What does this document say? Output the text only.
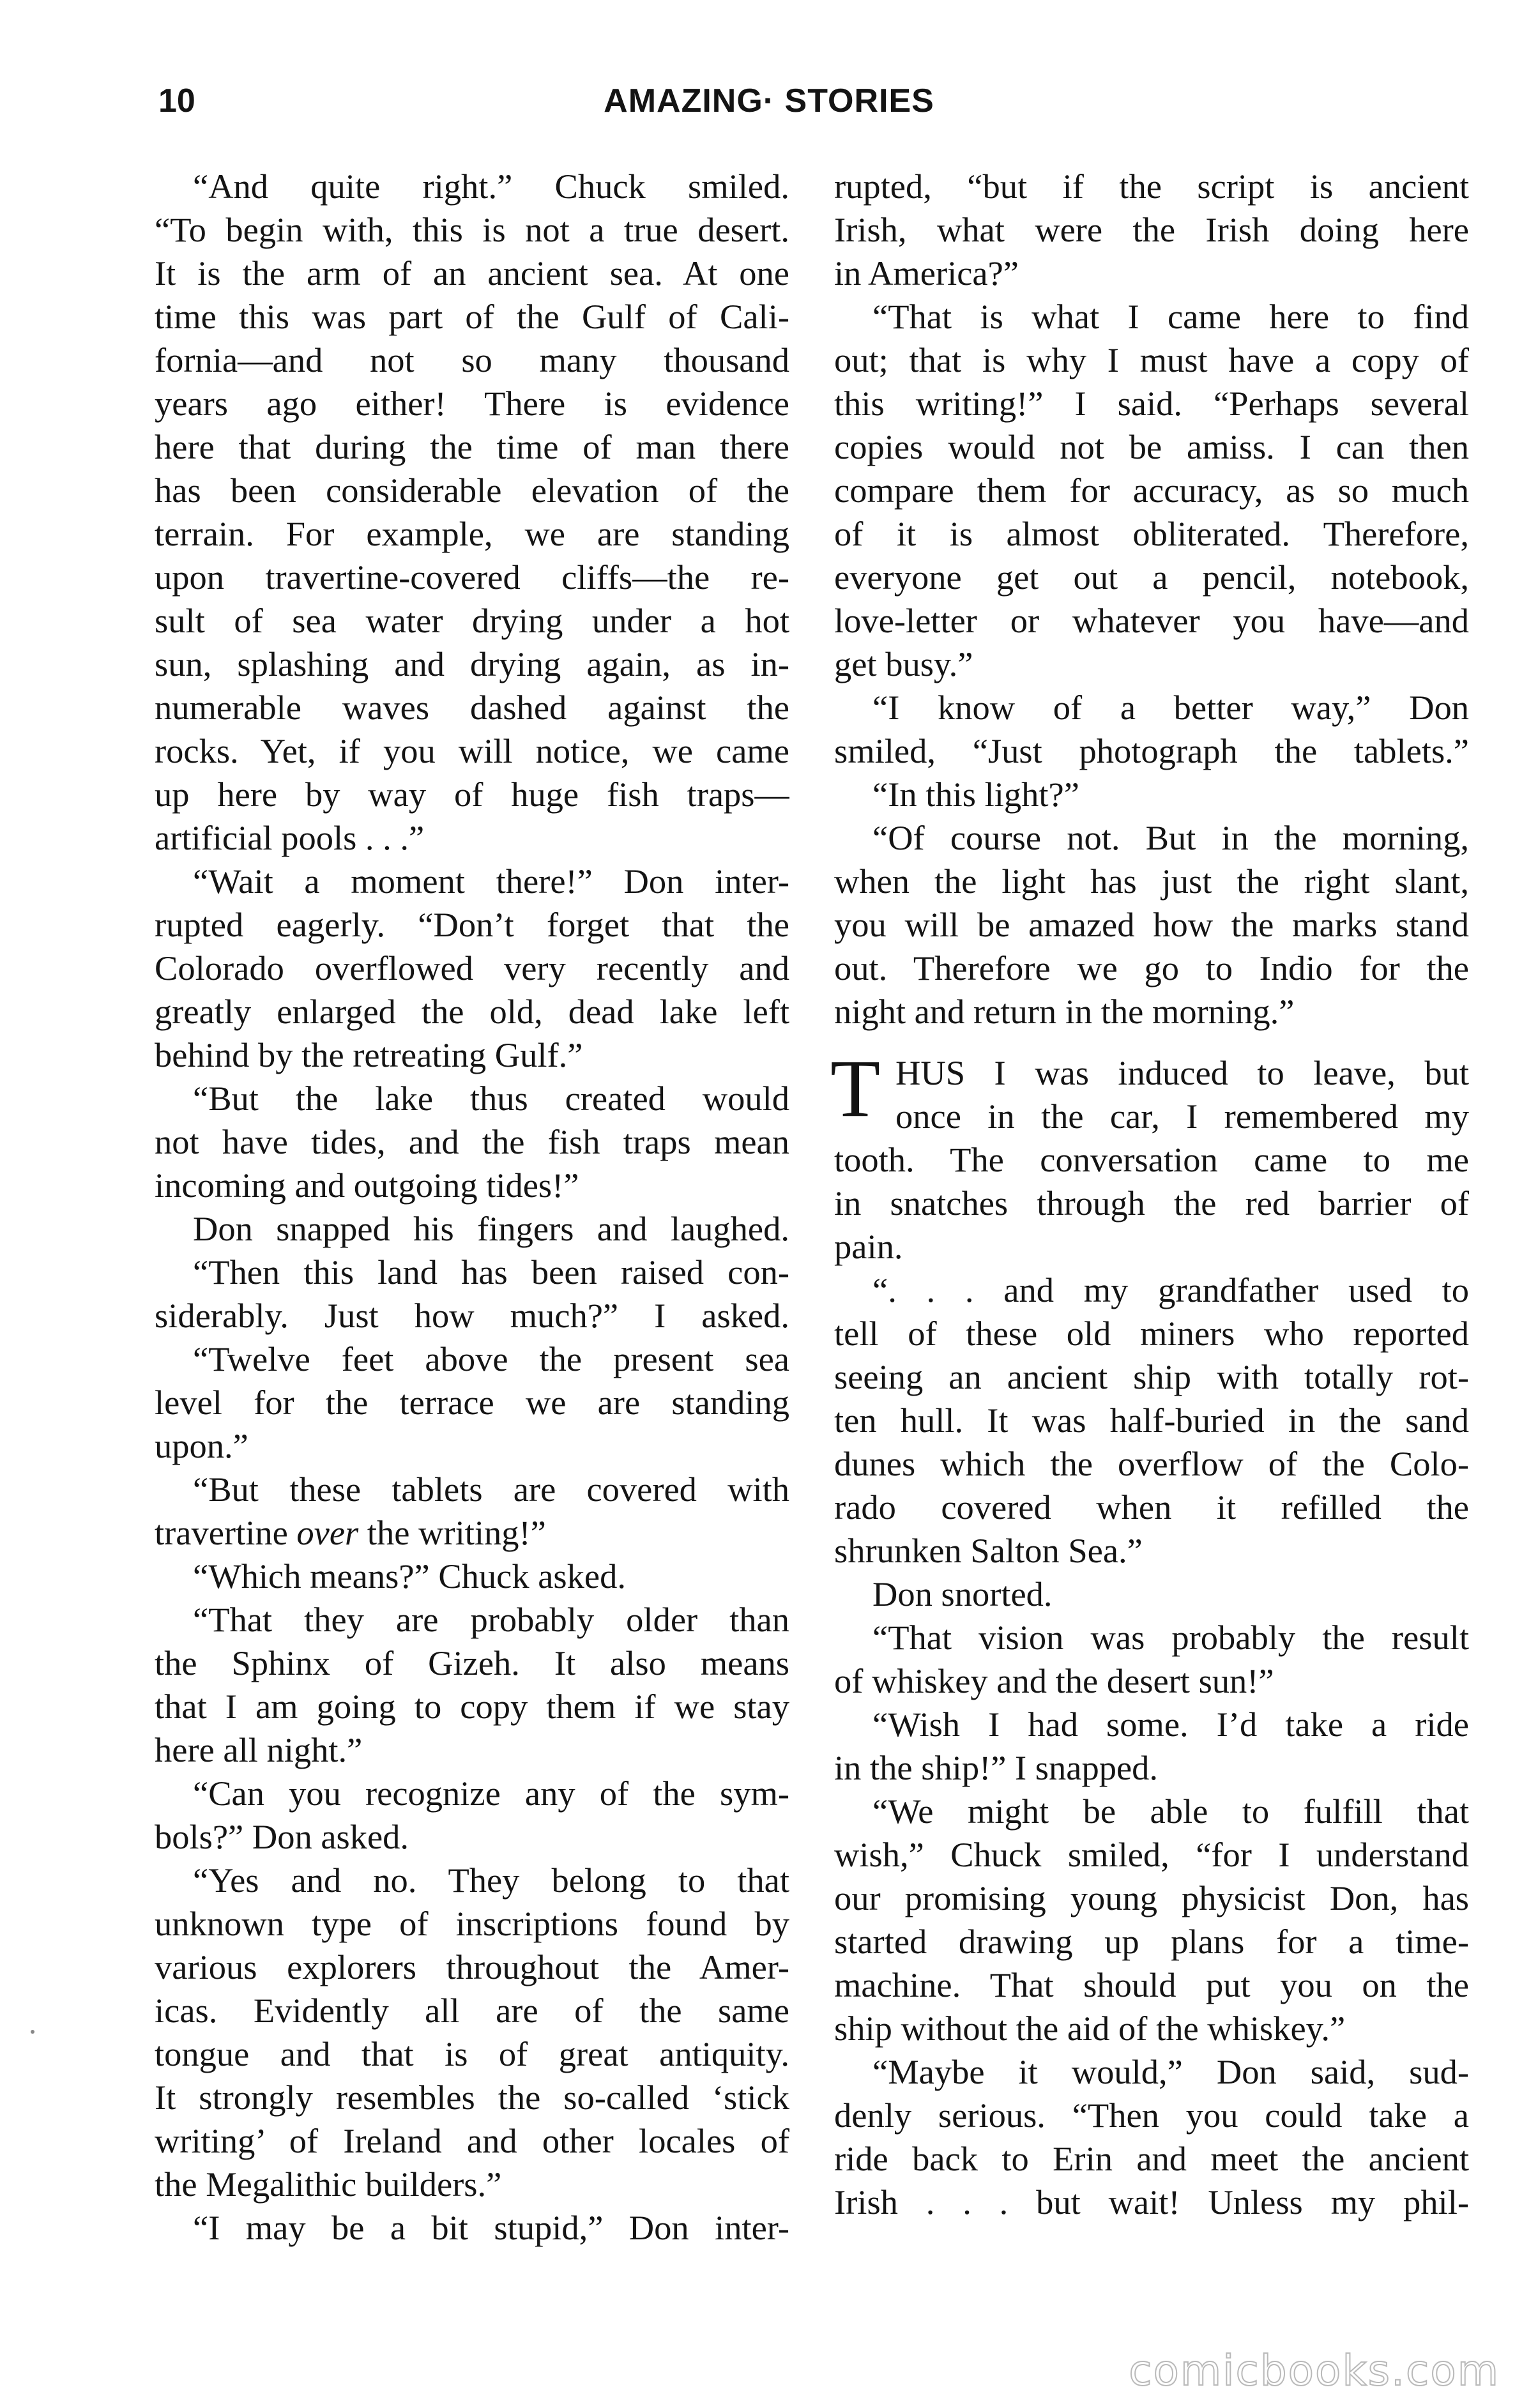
10	AMAZING· STORIES
“And quite right.” Chuck smiled.
“To begin with, this is not a true desert.
It is the arm of an ancient sea. At one
time this was part of the Gulf of Cali-
fornia—and not so many thousand
years ago either! There is evidence
here that during the time of man there
has been considerable elevation of the
terrain. For example, we are standing
upon travertine-covered cliffs—the re-
sult of sea water drying under a hot
sun, splashing and drying again, as in-
numerable waves dashed against the
rocks. Yet, if you will notice, we came
up here by way of huge fish traps—
artificial pools . . .”
“Wait a moment there!” Don inter-
rupted eagerly. “Don’t forget that the
Colorado overflowed very recently and
greatly enlarged the old, dead lake left
behind by the retreating Gulf.”
“But the lake thus created would
not have tides, and the fish traps mean
incoming and outgoing tides!”
Don snapped his fingers and laughed.
“Then this land has been raised con-
siderably. Just how much?” I asked.
“Twelve feet above the present sea
level for the terrace we are standing
upon.”
“But these tablets are covered with
travertine over the writing!”
“Which means?” Chuck asked.
“That they are probably older than
the Sphinx of Gizeh. It also means
that I am going to copy them if we stay
here all night.”
“Can you recognize any of the sym-
bols?” Don asked.
“Yes and no. They belong to that
unknown type of inscriptions found by
various explorers throughout the Amer-
icas. Evidently all are of the same
tongue and that is of great antiquity.
It strongly resembles the so-called ‘stick
writing’ of Ireland and other locales of
the Megalithic builders.”
“I may be a bit stupid,” Don inter-
rupted, “but if the script is ancient
Irish, what were the Irish doing here
in America?”
“That is what I came here to find
out; that is why I must have a copy of
this writing!” I said. “Perhaps several
copies would not be amiss. I can then
compare them for accuracy, as so much
of it is almost obliterated. Therefore,
everyone get out a pencil, notebook,
love-letter or whatever you have—and
get busy.”
“I know of a better way,” Don
smiled, “Just photograph the tablets.”
“In this light?”
“Of course not. But in the morning,
when the light has just the right slant,
you will be amazed how the marks stand
out. Therefore we go to Indio for the
night and return in the morning.”
T HUS I was induced to leave, but
once in the car, I remembered my
tooth. The conversation came to me
in snatches through the red barrier of
pain.
“. . . and my grandfather used to
tell of these old miners who reported
seeing an ancient ship with totally rot-
ten hull. It was half-buried in the sand
dunes which the overflow of the Colo-
rado covered when it refilled the
shrunken Salton Sea.”
Don snorted.
“That vision was probably the result
of whiskey and the desert sun!”
“Wish I had some. I’d take a ride
in the ship!” I snapped.
“We might be able to fulfill that
wish,” Chuck smiled, “for I understand
our promising young physicist Don, has
started drawing up plans for a time-
machine. That should put you on the
ship without the aid of the whiskey.”
“Maybe it would,” Don said, sud-
denly serious. “Then you could take a
ride back to Erin and meet the ancient
Irish . . . but wait! Unless my phil-
comicbooks.com
